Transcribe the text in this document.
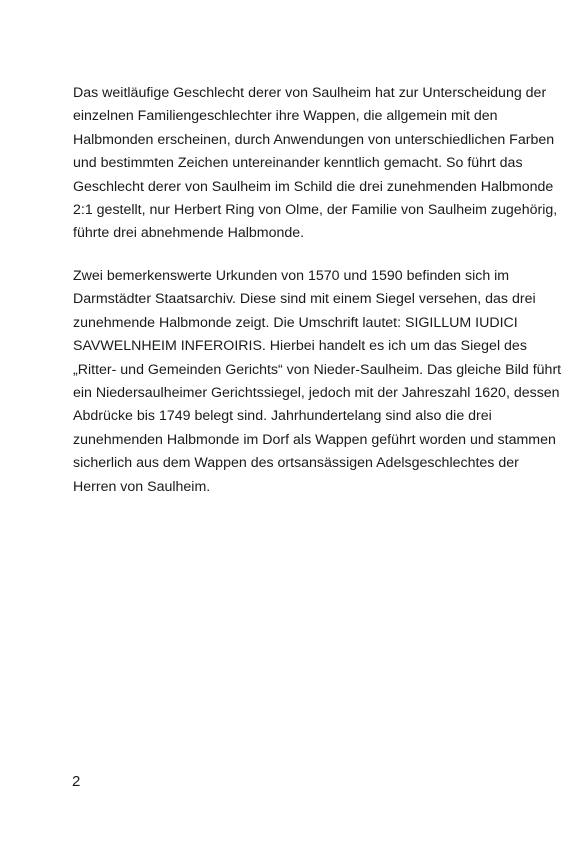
Das weitläufige Geschlecht derer von Saulheim hat zur Unterscheidung der
einzelnen Familiengeschlechter ihre Wappen, die allgemein mit den
Halbmonden erscheinen, durch Anwendungen von unterschiedlichen Farben
und bestimmten Zeichen untereinander kenntlich gemacht. So führt das
Geschlecht derer von Saulheim im Schild die drei zunehmenden Halbmonde
2:1 gestellt, nur Herbert Ring von Olme, der Familie von Saulheim zugehörig,
führte drei abnehmende Halbmonde.
Zwei bemerkenswerte Urkunden von 1570 und 1590 befinden sich im
Darmstädter Staatsarchiv. Diese sind mit einem Siegel versehen, das drei
zunehmende Halbmonde zeigt. Die Umschrift lautet: SIGILLUM IUDICI
SAVWELNHEIM INFEROIRIS. Hierbei handelt es ich um das Siegel des
„Ritter- und Gemeinden Gerichts“ von Nieder-Saulheim. Das gleiche Bild führt
ein Niedersaulheimer Gerichtssiegel, jedoch mit der Jahreszahl 1620, dessen
Abdrücke bis 1749 belegt sind. Jahrhundertelang sind also die drei
zunehmenden Halbmonde im Dorf als Wappen geführt worden und stammen
sicherlich aus dem Wappen des ortsansässigen Adelsgeschlechtes der
Herren von Saulheim.
2
